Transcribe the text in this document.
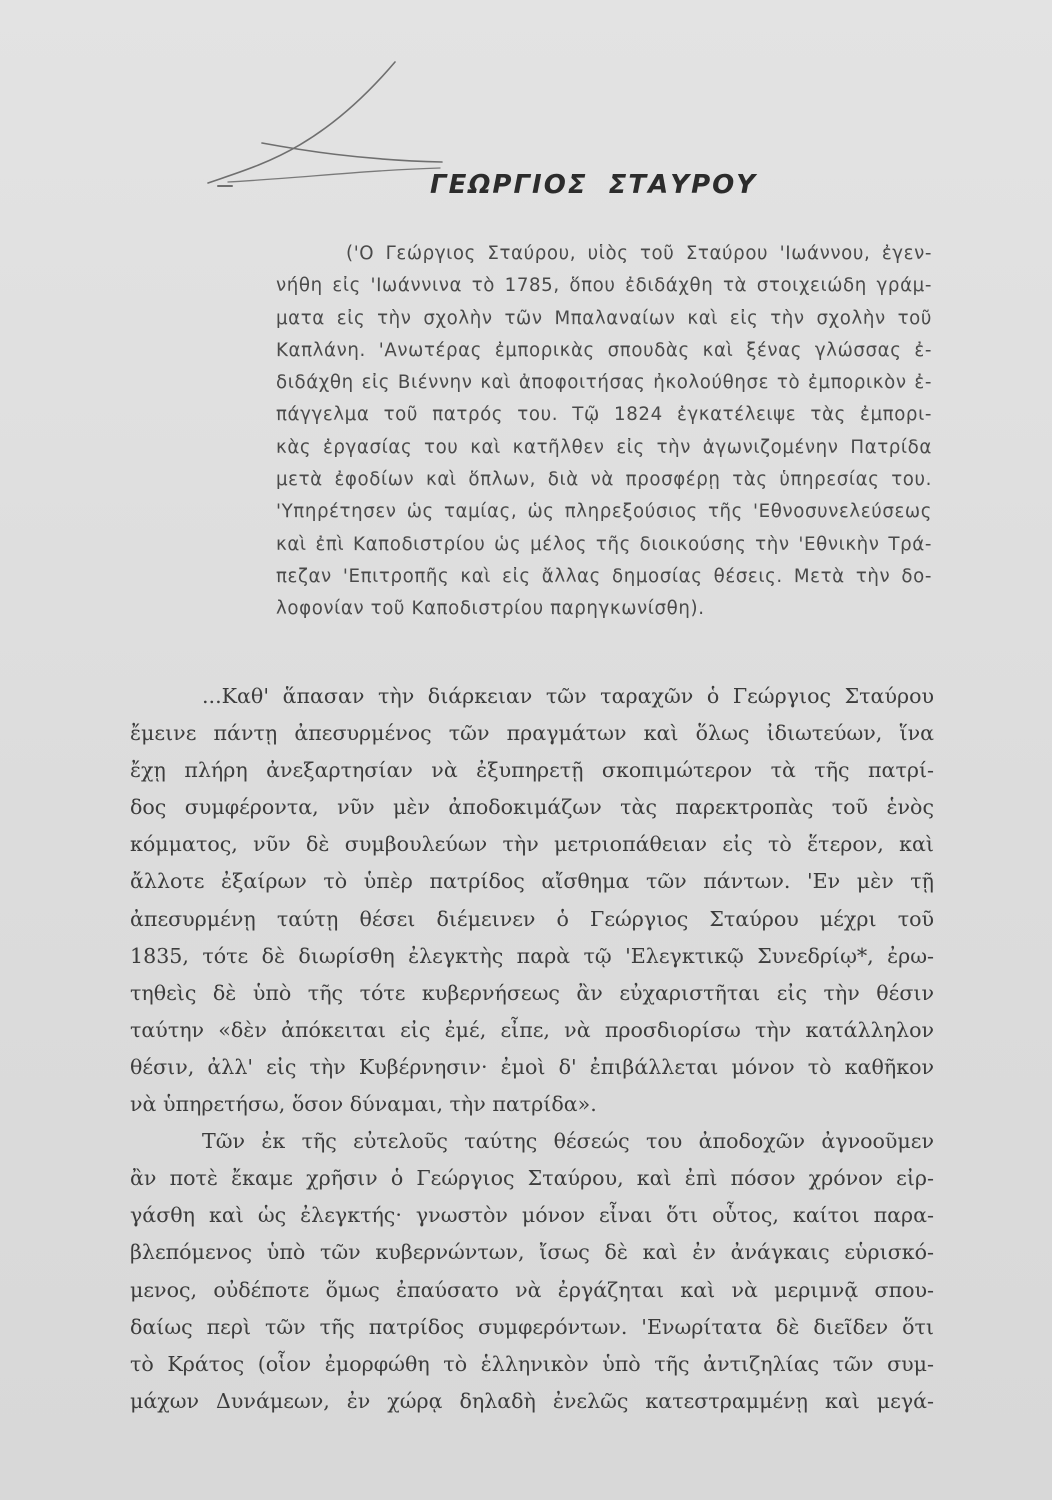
ΓΕΩΡΓΙΟΣ ΣΤΑΥΡΟΥ
('Ο Γεώργιος Σταύρου, υἱὸς τοῦ Σταύρου 'Ιωάννου, ἐγεν-
νήθη εἰς 'Ιωάννινα τὸ 1785, ὅπου ἐδιδάχθη τὰ στοιχειώδη γράμ-
ματα εἰς τὴν σχολὴν τῶν Μπαλαναίων καὶ εἰς τὴν σχολὴν τοῦ
Καπλάνη. 'Ανωτέρας ἐμπορικὰς σπουδὰς καὶ ξένας γλώσσας ἐ-
διδάχθη εἰς Βιέννην καὶ ἀποφοιτήσας ἠκολούθησε τὸ ἐμπορικὸν ἐ-
πάγγελμα τοῦ πατρός του. Τῷ 1824 ἐγκατέλειψε τὰς ἐμπορι-
κὰς ἐργασίας του καὶ κατῆλθεν εἰς τὴν ἀγωνιζομένην Πατρίδα
μετὰ ἐφοδίων καὶ ὅπλων, διὰ νὰ προσφέρῃ τὰς ὑπηρεσίας του.
'Υπηρέτησεν ὡς ταμίας, ὡς πληρεξούσιος τῆς 'Εθνοσυνελεύσεως
καὶ ἐπὶ Καποδιστρίου ὡς μέλος τῆς διοικούσης τὴν 'Εθνικὴν Τρά-
πεζαν 'Επιτροπῆς καὶ εἰς ἄλλας δημοσίας θέσεις. Μετὰ τὴν δο-
λοφονίαν τοῦ Καποδιστρίου παρηγκωνίσθη).
...Καθ' ἅπασαν τὴν διάρκειαν τῶν ταραχῶν ὁ Γεώργιος Σταύρου
ἔμεινε πάντῃ ἀπεσυρμένος τῶν πραγμάτων καὶ ὅλως ἰδιωτεύων, ἵνα
ἔχῃ πλήρη ἀνεξαρτησίαν νὰ ἐξυπηρετῇ σκοπιμώτερον τὰ τῆς πατρί-
δος συμφέροντα, νῦν μὲν ἀποδοκιμάζων τὰς παρεκτροπὰς τοῦ ἑνὸς
κόμματος, νῦν δὲ συμβουλεύων τὴν μετριοπάθειαν εἰς τὸ ἕτερον, καὶ
ἄλλοτε ἐξαίρων τὸ ὑπὲρ πατρίδος αἴσθημα τῶν πάντων. 'Εν μὲν τῇ
ἀπεσυρμένῃ ταύτῃ θέσει διέμεινεν ὁ Γεώργιος Σταύρου μέχρι τοῦ
1835, τότε δὲ διωρίσθη ἐλεγκτὴς παρὰ τῷ 'Ελεγκτικῷ Συνεδρίῳ*, ἐρω-
τηθεὶς δὲ ὑπὸ τῆς τότε κυβερνήσεως ἂν εὐχαριστῆται εἰς τὴν θέσιν
ταύτην «δὲν ἀπόκειται εἰς ἐμέ, εἶπε, νὰ προσδιορίσω τὴν κατάλληλον
θέσιν, ἀλλ' εἰς τὴν Κυβέρνησιν· ἐμοὶ δ' ἐπιβάλλεται μόνον τὸ καθῆκον
νὰ ὑπηρετήσω, ὅσον δύναμαι, τὴν πατρίδα».
Τῶν ἐκ τῆς εὐτελοῦς ταύτης θέσεώς του ἀποδοχῶν ἀγνοοῦμεν
ἂν ποτὲ ἔκαμε χρῆσιν ὁ Γεώργιος Σταύρου, καὶ ἐπὶ πόσον χρόνον εἰρ-
γάσθη καὶ ὡς ἐλεγκτής· γνωστὸν μόνον εἶναι ὅτι οὗτος, καίτοι παρα-
βλεπόμενος ὑπὸ τῶν κυβερνώντων, ἴσως δὲ καὶ ἐν ἀνάγκαις εὑρισκό-
μενος, οὐδέποτε ὅμως ἐπαύσατο νὰ ἐργάζηται καὶ νὰ μεριμνᾷ σπου-
δαίως περὶ τῶν τῆς πατρίδος συμφερόντων. 'Ενωρίτατα δὲ διεῖδεν ὅτι
τὸ Κράτος (οἷον ἐμορφώθη τὸ ἑλληνικὸν ὑπὸ τῆς ἀντιζηλίας τῶν συμ-
μάχων Δυνάμεων, ἐν χώρᾳ δηλαδὴ ἐνελῶς κατεστραμμένῃ καὶ μεγά-
